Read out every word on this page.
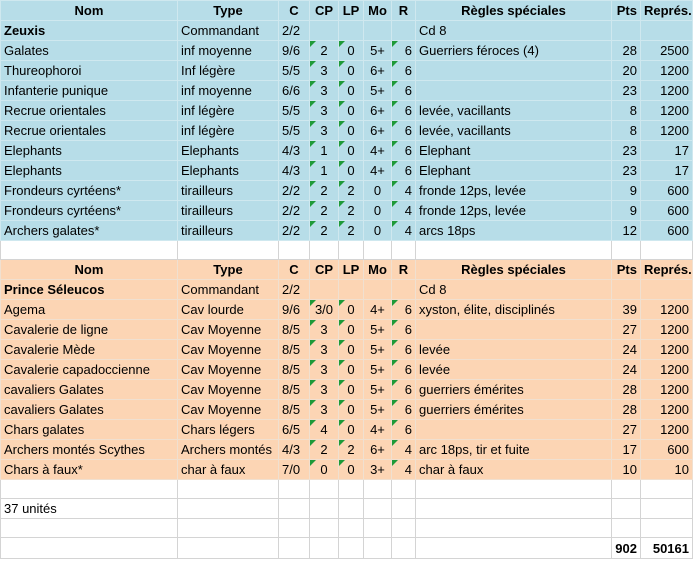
Nom	Type	C	CP	LP	Mo	R	Règles spéciales	Pts	Représ.
Zeuxis	Commandant	2/2					Cd 8		
Galates	inf moyenne	9/6	2	0	5+	6	Guerriers féroces (4)	28	2500
Thureophoroi	Inf légère	5/5	3	0	6+	6		20	1200
Infanterie punique	inf moyenne	6/6	3	0	5+	6		23	1200
Recrue orientales	inf légère	5/5	3	0	6+	6	levée, vacillants	8	1200
Recrue orientales	inf légère	5/5	3	0	6+	6	levée, vacillants	8	1200
Elephants	Elephants	4/3	1	0	4+	6	Elephant	23	17
Elephants	Elephants	4/3	1	0	4+	6	Elephant	23	17
Frondeurs cyrtéens*	tirailleurs	2/2	2	2	0	4	fronde 12ps, levée	9	600
Frondeurs cyrtéens*	tirailleurs	2/2	2	2	0	4	fronde 12ps, levée	9	600
Archers galates*	tirailleurs	2/2	2	2	0	4	arcs 18ps	12	600

Nom	Type	C	CP	LP	Mo	R	Règles spéciales	Pts	Représ.
Prince Séleucos	Commandant	2/2					Cd 8		
Agema	Cav lourde	9/6	3/0	0	4+	6	xyston, élite, disciplinés	39	1200
Cavalerie de ligne	Cav Moyenne	8/5	3	0	5+	6		27	1200
Cavalerie Mède	Cav Moyenne	8/5	3	0	5+	6	levée	24	1200
Cavalerie capadoccienne	Cav Moyenne	8/5	3	0	5+	6	levée	24	1200
cavaliers Galates	Cav Moyenne	8/5	3	0	5+	6	guerriers émérites	28	1200
cavaliers Galates	Cav Moyenne	8/5	3	0	5+	6	guerriers émérites	28	1200
Chars galates	Chars légers	6/5	4	0	4+	6		27	1200
Archers montés Scythes	Archers montés	4/3	2	2	6+	4	arc 18ps, tir et fuite	17	600
Chars à faux*	char à faux	7/0	0	0	3+	4	char à faux	10	10

37 unités									

								902	50161
